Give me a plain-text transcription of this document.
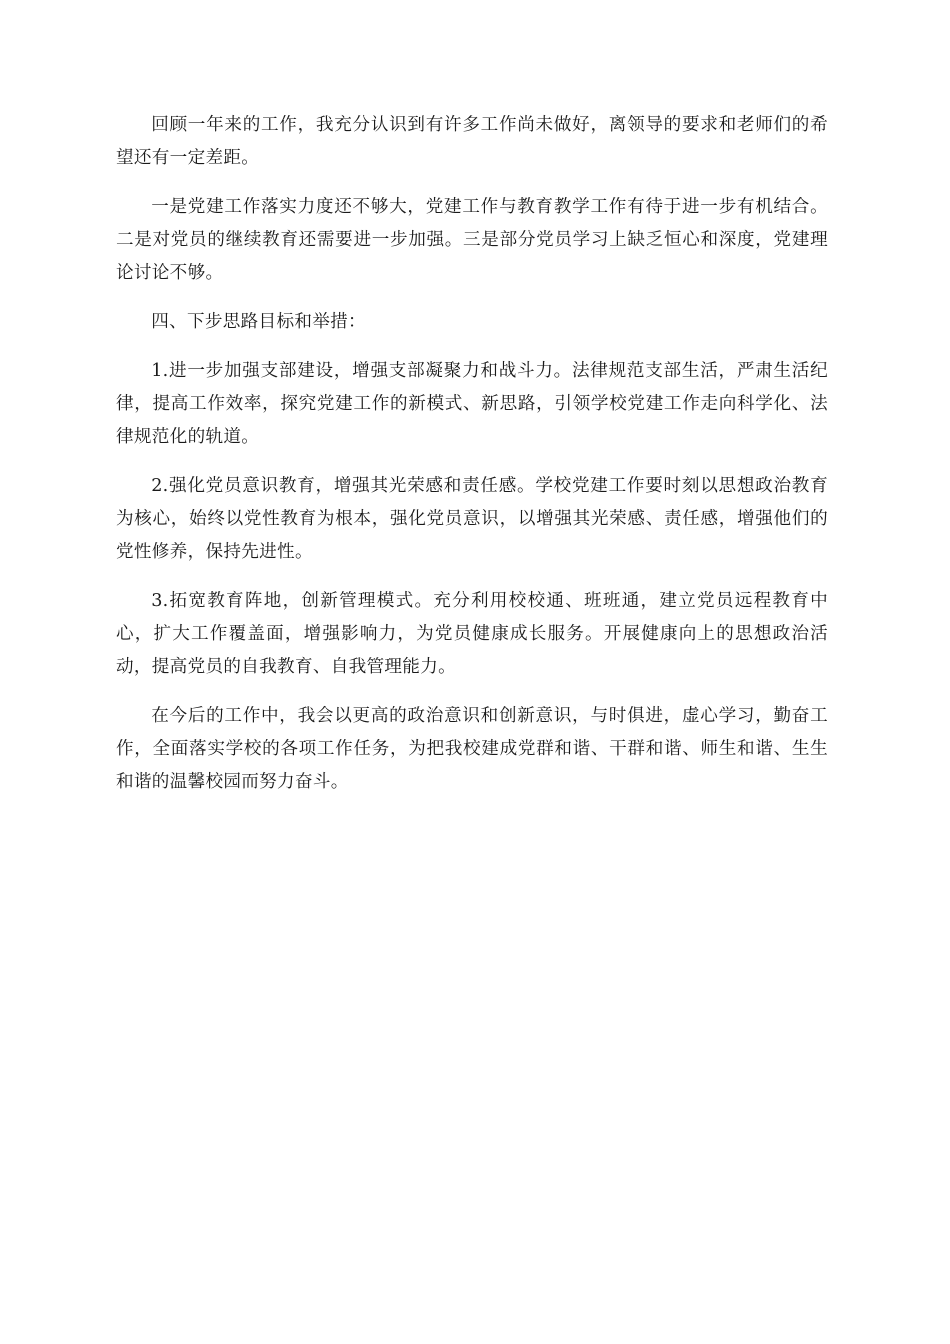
回顾一年来的工作，我充分认识到有许多工作尚未做好，离领导的要求和老师们的希望还有一定差距。

一是党建工作落实力度还不够大，党建工作与教育教学工作有待于进一步有机结合。二是对党员的继续教育还需要进一步加强。三是部分党员学习上缺乏恒心和深度，党建理论讨论不够。

四、下步思路目标和举措：

1.进一步加强支部建设，增强支部凝聚力和战斗力。法律规范支部生活，严肃生活纪律，提高工作效率，探究党建工作的新模式、新思路，引领学校党建工作走向科学化、法律规范化的轨道。

2.强化党员意识教育，增强其光荣感和责任感。学校党建工作要时刻以思想政治教育为核心，始终以党性教育为根本，强化党员意识，以增强其光荣感、责任感，增强他们的党性修养，保持先进性。

3.拓宽教育阵地，创新管理模式。充分利用校校通、班班通，建立党员远程教育中心，扩大工作覆盖面，增强影响力，为党员健康成长服务。开展健康向上的思想政治活动，提高党员的自我教育、自我管理能力。

在今后的工作中，我会以更高的政治意识和创新意识，与时俱进，虚心学习，勤奋工作，全面落实学校的各项工作任务，为把我校建成党群和谐、干群和谐、师生和谐、生生和谐的温馨校园而努力奋斗。
